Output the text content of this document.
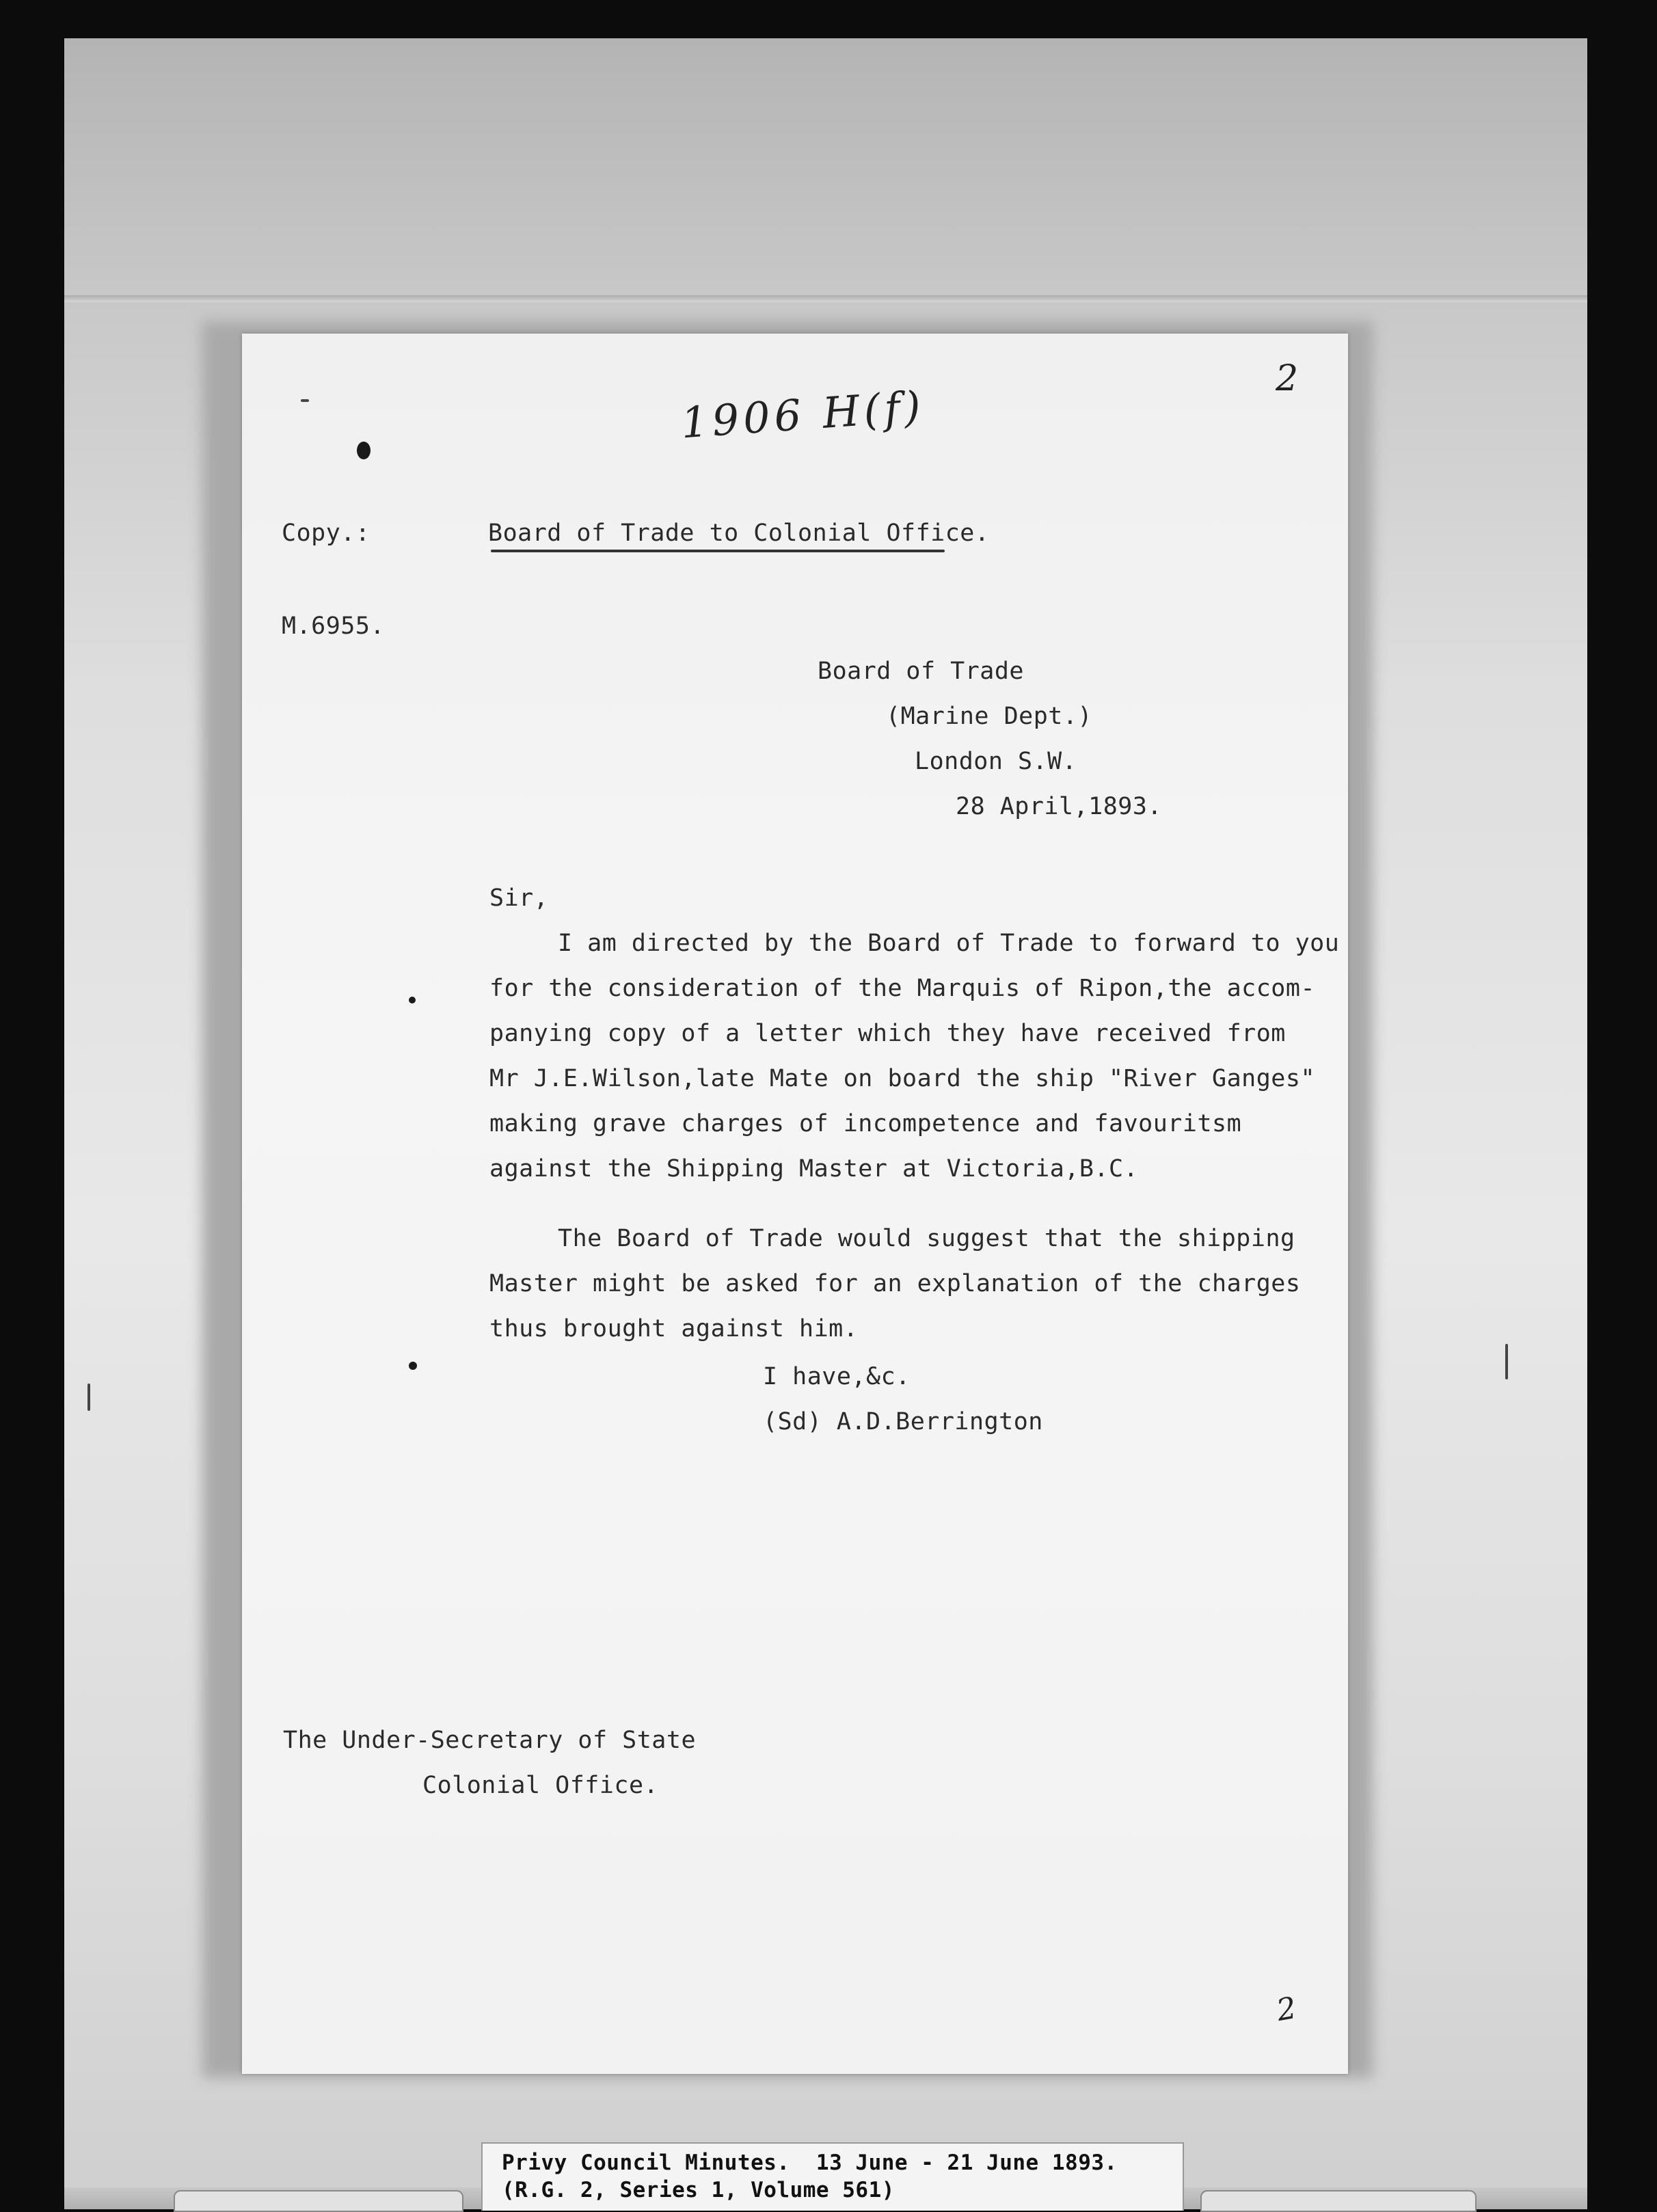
1906 H(f)

2

2

Copy.:	Board of Trade to Colonial Office.

M.6955.

Board of Trade

(Marine Dept.)

London S.W.

28 April,1893.

Sir,

I am directed by the Board of Trade to forward to you

for the consideration of the Marquis of Ripon,the accom-

panying copy of a letter which they have received from

Mr J.E.Wilson,late Mate on board the ship "River Ganges"

making grave charges of incompetence and favouritsm

against the Shipping Master at Victoria,B.C.

The Board of Trade would suggest that the shipping

Master might be asked for an explanation of the charges

thus brought against him.

I have,&c.

(Sd) A.D.Berrington

The Under-Secretary of State

Colonial Office.

Privy Council Minutes.  13 June - 21 June 1893.

(R.G. 2, Series 1, Volume 561)
